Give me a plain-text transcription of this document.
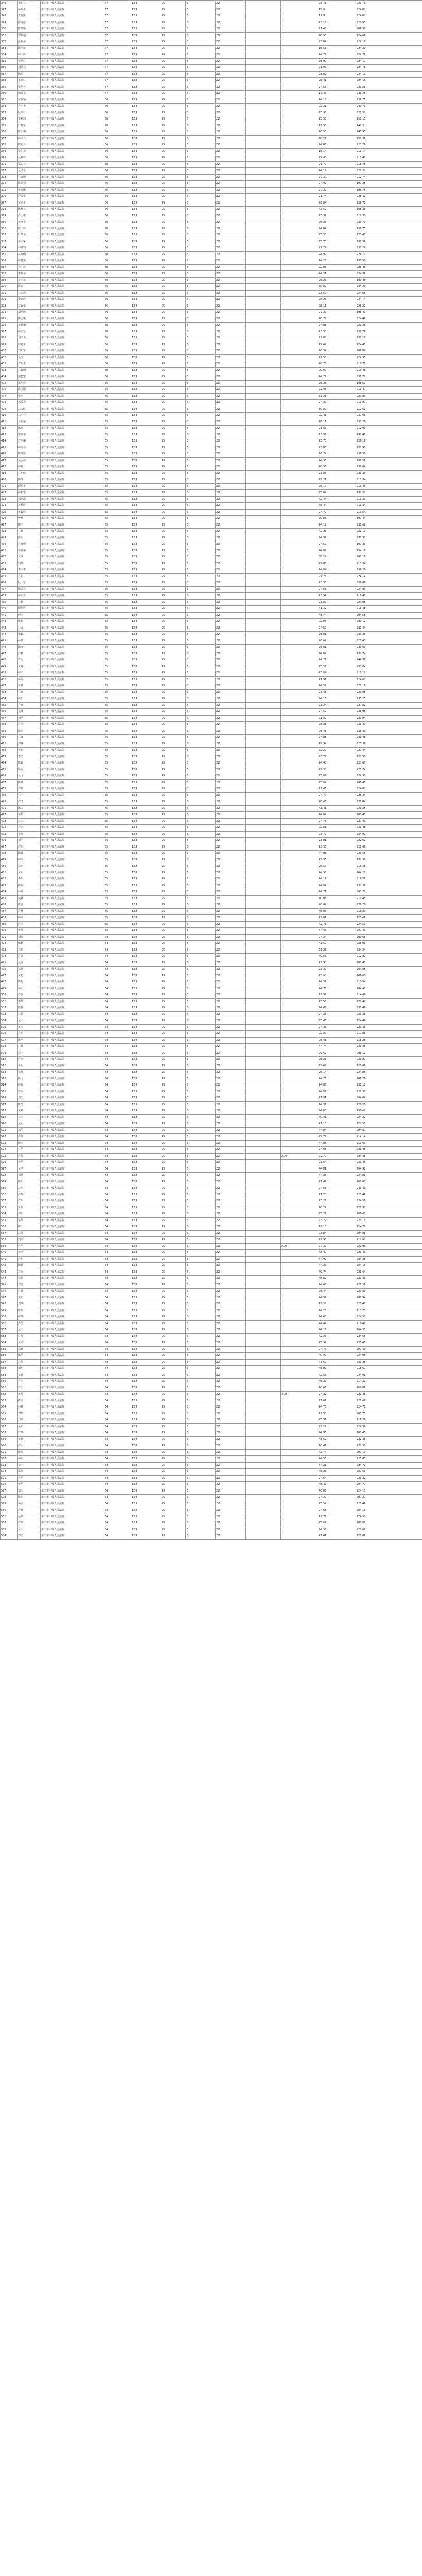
346	李拓兀	莆田市中级人民法院	67	123	25	5	22			28.71	223.71
347	杨东生	莆田市中级人民法院	67	123	25	5	22			19.9	224.82
348	王俊凯	莆田市中级人民法院	67	123	25	5	22			19.9	224.82
349	陈诗彦	莆田市中级人民法院	67	123	25	5	22			23.12	220.95
350	陈凯顺	莆田市中级人民法院	67	123	25	5	22			21.45	206.38
351	郑伟超	莆田市中级人民法院	67	123	25	5	22			20.98	224.66
352	范振东	莆田市中级人民法院	67	123	25	5	22			23.69	224.16
353	陈治运	莆田市中级人民法院	67	123	25	5	22			16.53	224.20
354	林宇辉	莆田市中级人民法院	67	123	25	5	22			24.77	224.77
355	吴昌仁	莆田市中级人民法院	67	123	25	5	22			25.99	224.17
356	刘乘元	莆田市中级人民法院	67	123	25	5	22			21.96	224.78
357	陈军	莆田市中级人民法院	67	123	25	5	22			28.82	224.13
358	王元仁	莆田市中级人民法院	67	123	25	5	22			28.41	224.16
359	黄华芳	莆田市中级人民法院	67	123	25	5	22			24.53	230.88
360	杨诗友	莆田市中级人民法院	67	123	25	5	22			17.46	231.25
361	黄世颖	莆田市中级人民法院	66	123	25	5	22			24.18	236.75
362	卢小飞	莆田市中级人民法院	66	123	25	5	22			22.21	249.71
363	阮斯行	莆田市中级人民法院	66	123	25	5	22			25.96	227.32
364	王莉莉	莆田市中级人民法院	66	123	25	5	22			23.55	251.15
365	杜辉军	莆田市中级人民法院	66	123	25	5	22			17.90	247.3
366	陈小梅	莆田市中级人民法院	66	123	25	5	22			28.55	245.95
367	林文兵	莆田市中级人民法院	66	123	25	5	22			20.22	230.36
368	陈宏兵	莆田市中级人民法院	66	123	25	5	22			24.85	223.26
369	吴东宏	莆田市中级人民法院	66	123	25	5	22			18.14	211.14
370	吴柳林	莆田市中级人民法院	66	123	25	5	22			29.45	211.42
371	郑宏元	莆田市中级人民法院	66	123	25	5	22			21.79	218.75
372	吴民章	莆田市中级人民法院	66	123	25	5	22			24.19	222.32
373	林康明	莆田市中级人民法院	66	123	25	5	22			27.30	212.74
374	陈伟强	莆田市中级人民法院	66	123	25	5	22			24.97	197.35
375	王海彬	莆田市中级人民法院	66	123	25	5	22			27.22	196.75
376	卢俊生	莆田市中级人民法院	66	123	25	5	22			21.74	225.42
377	黄兴平	莆田市中级人民法院	66	123	25	5	22			26.84	236.71
378	陈燕兴	莆田市中级人民法院	66	123	25	5	22			43.69	198.36
379	卢小彬	莆田市中级人民法院	66	123	25	5	22			25.32	219.30
380	黄章平	莆田市中级人民法院	66	123	25	5	22			26.25	231.71
381	陈广辉	莆田市中级人民法院	66	123	25	5	22			24.84	198.75
382	叶冬冬	莆田市中级人民法院	66	123	25	5	22			25.30	223.47
383	黄宝荣	莆田市中级人民法院	66	123	25	5	22			25.73	197.36
384	林晓莉	莆田市中级人民法院	66	123	25	5	22			22.79	231.24
385	林晓明	莆田市中级人民法院	66	123	25	5	22			24.99	224.11
386	林建斌	莆田市中级人民法院	66	123	25	5	22			24.28	197.59
387	孙汇进	莆田市中级人民法院	66	123	25	5	22			22.83	225.45
388	李炜东	莆田市中级人民法院	66	123	25	5	22			24.31	224.96
389	吴立东	莆田市中级人民法院	66	123	25	5	22			26.25	199.48
390	陈忠	莆田市中级人民法院	66	123	25	5	22			30.89	224.29
391	林志强	莆田市中级人民法院	66	123	25	5	22			23.69	224.68
392	李家辉	莆田市中级人民法院	66	123	25	5	22			26.26	224.14
393	林家豪	莆田市中级人民法院	66	123	25	5	22			28.11	236.22
394	刘昌隆	莆田市中级人民法院	66	123	25	5	22			27.37	198.41
395	陈志凯	莆田市中级人民法院	66	123	25	5	22			40.72	224.46
396	黄德州	莆田市中级人民法院	66	123	25	5	22			24.88	222.26
397	林宏坚	莆田市中级人民法院	66	123	25	5	22			23.55	231.76
398	刘雨飞	莆田市中级人民法院	66	123	25	5	22			22.08	231.18
399	邱光平	莆田市中级人民法院	66	123	25	5	22			29.49	224.41
400	郑明宝	莆田市中级人民法院	66	123	25	5	22			20.94	206.89
401	吴金	莆田市中级人民法院	66	123	25	5	22			29.55	224.95
402	方明勇	莆田市中级人民法院	66	123	25	5	22			40.70	210.77
403	林智明	莆田市中级人民法院	66	123	25	5	22			29.07	210.48
404	施艺宏	莆田市中级人民法院	66	123	25	5	22			24.79	231.72
405	郑明辉	莆田市中级人民法院	65	123	25	5	22			25.38	198.62
406	陈国顺	莆田市中级人民法院	65	123	25	5	22			22.08	211.47
407	黄杰	莆田市中级人民法院	65	123	25	5	22			31.28	223.89
408	郭俊杰	莆田市中级人民法院	65	123	25	5	22			24.37	211.87
409	林天任	莆田市中级人民法院	65	123	25	5	22			30.82	212.61
410	林小兵	莆田市中级人民法院	65	123	25	5	22			22.48	237.68
411	丘福斌	莆田市中级人民法院	65	123	25	5	22			26.11	231.26
412	陈伟	莆田市中级人民法院	65	123	25	5	22			21.65	212.00
413	张锦华	莆田市中级人民法院	65	123	25	5	22			23.92	197.41
414	许丽丽	莆田市中级人民法院	65	123	25	5	22			23.73	226.16
415	林尚伟	莆田市中级人民法院	65	123	25	5	22			23.83	222.91
416	陈晖毅	莆田市中级人民法院	65	123	25	5	22			26.74	236.37
417	吴立伟	莆田市中级人民法院	65	123	25	5	22			24.98	199.56
418	林锐	莆田市中级人民法院	65	123	25	5	22			40.56	231.64
419	林明健	莆田市中级人民法院	65	123	25	5	22			23.85	231.39
420	陈凤	莆田市中级人民法院	65	123	25	5	22			27.21	213.34
421	阮伟平	莆田市中级人民法院	65	123	25	5	22			26.10	213.46
422	林振宏	莆田市中级人民法院	65	123	25	5	22			25.84	197.27
423	刘水清	莆田市中级人民法院	65	123	25	5	22			42.44	211.33
424	苏利民	莆田市中级人民法院	65	123	25	5	22			45.44	211.34
425	黄毅伟	莆田市中级人民法院	65	123	25	5	22			24.79	213.54
426	曾燕	莆田市中级人民法院	65	123	25	5	22			29.85	197.44
427	陈平	莆田市中级人民法院	65	123	25	5	22			24.19	231.62
428	林辉	莆田市中级人民法院	65	123	25	5	22			42.26	222.13
429	陈军	莆田市中级人民法院	65	123	25	5	22			24.39	231.91
430	许德明	莆田市中级人民法院	65	123	25	5	22			24.59	197.39
431	黄丽华	莆田市中级人民法院	65	123	25	5	22			24.84	234.16
432	黄萍	莆田市中级人民法院	65	123	25	5	22			38.29	201.18
433	刘华	莆田市中级人民法院	65	123	25	5	22			42.85	213.54
434	李永泰	莆田市中级人民法院	65	123	25	5	22			24.84	236.26
435	方东	莆田市中级人民法院	65	123	25	5	22			21.26	224.14
436	阮一宁	莆田市中级人民法院	65	123	25	5	22			43.33	236.86
437	陈荣兴	莆田市中级人民法院	65	123	25	5	22			24.08	224.81
438	林宏兴	莆田市中级人民法院	65	123	25	5	22			23.94	219.41
439	林静	莆田市中级人民法院	65	123	25	5	22			21.89	223.95
440	阮明辉	莆田市中级人民法院	65	123	25	5	22			41.32	216.38
441	傅丽	莆田市中级人民法院	65	123	25	5	22			45.74	204.58
442	姚新	莆田市中级人民法院	65	123	25	5	22			22.06	209.12
443	林兴	莆田市中级人民法院	65	123	25	5	22			24.59	231.44
444	张毅	莆田市中级人民法院	65	123	25	5	22			25.81	233.39
445	杨晓	莆田市中级人民法院	65	123	25	5	22			28.64	227.43
446	陈文	莆田市中级人民法院	65	123	25	5	22			26.61	230.60
447	卢鹏	莆田市中级人民法院	65	123	25	5	22			24.84	232.74
448	许元	莆田市中级人民法院	65	123	25	5	22			24.77	244.97
449	黄芬	莆田市中级人民法院	65	123	25	5	22			25.57	232.84
450	林平	莆田市中级人民法院	65	123	25	5	22			23.84	217.12
451	林涛	莆田市中级人民法院	65	123	25	5	22			41.91	224.63
452	黄炜	莆田市中级人民法院	65	123	25	5	22			44.52	221.16
453	林秀	莆田市中级人民法院	65	123	25	5	22			23.48	229.85
454	林如	莆田市中级人民法院	65	123	25	5	22			24.15	235.25
455	卢晓	莆田市中级人民法院	65	123	25	5	22			23.24	227.82
456	吴琳	莆田市中级人民法院	65	123	25	5	22			24.59	228.95
457	刘浩	莆田市中级人民法院	65	123	25	5	22			21.89	231.84
458	许杰	莆田市中级人民法院	65	123	25	5	22			25.38	233.41
459	陈龙	莆田市中级人民法院	65	123	25	5	22			25.43	236.41
460	林锋	莆田市中级人民法院	65	123	25	5	22			24.88	231.48
461	郑燕	莆田市中级人民法院	65	123	25	5	22			42.94	225.38
462	黄彬	莆田市中级人民法院	65	123	25	5	22			22.27	227.44
463	李勇	莆田市中级人民法院	65	123	25	5	22			23.72	222.57
464	陈颖	莆田市中级人民法院	65	123	25	5	22			24.48	223.67
465	林立	莆田市中级人民法院	65	123	25	5	22			42.58	221.74
466	吴飞	莆田市中级人民法院	65	123	25	5	22			25.07	224.35
467	陈斌	莆田市中级人民法院	65	123	25	5	22			23.84	208.45
468	郑伟	莆田市中级人民法院	65	123	25	5	22			22.46	224.82
469	林一	莆田市中级人民法院	65	123	25	5	22			24.77	225.34
470	许清	莆田市中级人民法院	65	123	25	5	22			40.46	231.84
471	陈力	莆田市中级人民法院	65	123	25	5	22			41.41	221.35
472	黄松	莆田市中级人民法院	65	123	25	5	22			44.84	207.41
473	林安	莆田市中级人民法院	65	123	25	5	22			24.75	227.43
474	卢志	莆田市中级人民法院	65	123	25	5	22			22.81	231.48
475	吴红	莆田市中级人民法院	65	123	25	5	22			23.72	224.97
476	刘平	莆田市中级人民法院	65	123	25	5	22			23.81	222.62
477	许东	莆田市中级人民法院	65	123	25	5	22			23.35	221.66
478	陈晨	莆田市中级人民法院	65	123	25	5	22			44.91	230.55
479	林霞	莆田市中级人民法院	65	123	25	5	22			42.35	232.38
480	郑杰	莆田市中级人民法院	65	123	25	5	22			26.57	216.38
481	黄军	莆田市中级人民法院	65	123	25	5	22			24.98	204.22
482	李明	莆田市中级人民法院	65	123	25	5	22			24.17	218.76
483	陈刚	莆田市中级人民法院	65	123	25	5	22			24.84	232.36
484	林红	莆田市中级人民法院	65	123	25	5	22			24.71	207.72
485	吴斌	莆田市中级人民法院	65	123	25	5	22			40.86	219.45
486	陈强	莆田市中级人民法院	65	123	25	5	22			28.04	229.28
487	许燕	莆田市中级人民法院	65	123	25	5	22			45.93	218.80
488	林海	莆田市中级人民法院	65	123	25	5	22			42.01	221.66
489	卢丽	莆田市中级人民法院	65	123	25	5	22			42.71	224.51
490	黄勇	莆田市中级人民法院	65	123	25	5	22			44.46	207.41
491	刘伟	莆田市中级人民法院	64	123	25	5	22			24.34	200.68
492	陈鹏	莆田市中级人民法院	64	123	25	5	22			41.59	225.91
493	林娟	莆田市中级人民法院	64	123	25	5	22			21.26	224.24
494	许强	莆田市中级人民法院	64	123	25	5	22			40.53	212.82
495	吴芳	莆田市中级人民法院	64	123	25	5	22			42.98	207.41
496	郑斌	莆田市中级人民法院	64	123	25	5	22			23.37	204.85
497	黄超	莆田市中级人民法院	64	123	25	5	22			43.65	206.60
498	陈梅	莆田市中级人民法院	64	123	25	5	22			24.52	210.54
499	林杰	莆田市中级人民法院	64	123	25	5	22			44.78	204.41
500	卢强	莆田市中级人民法院	64	123	25	5	22			22.59	214.66
501	李华	莆田市中级人民法院	64	123	25	5	22			23.55	222.49
502	陈静	莆田市中级人民法院	64	123	25	5	22			24.66	230.46
503	林伟	莆田市中级人民法院	64	123	25	5	22			24.36	231.36
504	吴杰	莆田市中级人民法院	64	123	25	5	22			25.46	224.40
505	黄丽	莆田市中级人民法院	64	123	25	5	22			24.31	220.26
506	许军	莆田市中级人民法院	64	123	25	5	22			22.87	217.86
507	陈华	莆田市中级人民法院	64	123	25	5	22			25.41	218.25
508	林斌	莆田市中级人民法院	64	123	25	5	22			44.74	221.35
509	郑丽	莆田市中级人民法院	64	123	25	5	22			29.69	208.12
510	卢杰	莆田市中级人民法院	64	123	25	5	22			25.28	221.87
511	黄明	莆田市中级人民法院	64	123	25	5	22			27.62	221.86
512	吴勇	莆田市中级人民法院	64	123	25	5	22			26.14	224.85
513	陈飞	莆田市中级人民法院	64	123	25	5	22			24.76	208.26
514	林强	莆田市中级人民法院	64	123	25	5	22			24.85	231.11
515	许丽	莆田市中级人民法院	64	123	25	5	22			24.97	221.37
516	刘杰	莆田市中级人民法院	64	123	25	5	22			21.91	204.84
517	陈勇	莆田市中级人民法院	64	123	25	5	22			24.37	220.20
518	黄斌	莆田市中级人民法院	64	123	25	5	22			24.88	198.62
519	林丽	莆田市中级人民法院	64	123	25	5	22			40.41	224.22
520	吴明	莆田市中级人民法院	64	123	25	5	22			41.13	222.37
521	郑华	莆田市中级人民法院	64	123	25	5	22			44.84	204.67
522	卢伟	莆田市中级人民法院	64	123	25	5	22			27.72	214.14
523	陈丽	莆田市中级人民法院	64	123	25	5	22			44.86	219.63
524	林华	莆田市中级人民法院	64	123	25	5	22			24.05	231.45
525	许伟	莆田市中级人民法院	64	123	25	5	22		2.00	22.77	224.36
526	黄华	莆田市中级人民法院	64	123	25	5	22			23.54	221.46
527	吴丽	莆田市中级人民法院	64	123	25	5	22			44.81	204.91
528	刘斌	莆田市中级人民法院	64	123	25	5	22			44.38	224.81
529	陈明	莆田市中级人民法院	64	123	25	5	22			21.47	207.61
530	林明	莆田市中级人民法院	64	123	25	5	22			24.58	243.41
531	卢华	莆田市中级人民法院	64	123	25	5	22			41.73	221.46
532	许明	莆田市中级人民法院	64	123	25	5	22			43.27	224.56
533	黄伟	莆田市中级人民法院	64	123	25	5	22			40.29	221.31
534	郑明	莆田市中级人民法院	64	123	25	5	22			25.27	208.61
535	吴华	莆田市中级人民法院	64	123	25	5	22			23.79	221.15
536	陈杰	莆田市中级人民法院	64	123	25	5	22			22.18	224.78
537	林勇	莆田市中级人民法院	64	123	25	5	22			23.84	204.86
538	刘丽	莆田市中级人民法院	64	123	25	5	22			29.96	212.62
539	许华	莆田市中级人民法院	64	123	25	5	22		2.00	27.32	221.96
540	黄杰	莆田市中级人民法院	64	123	25	5	22			45.40	221.43
541	卢明	莆田市中级人民法院	64	123	25	5	22			44.97	224.35
542	陈斌	莆田市中级人民法院	64	123	25	5	22			44.25	204.16
543	林杰	莆田市中级人民法院	64	123	25	5	22			40.74	221.64
544	吴伟	莆田市中级人民法院	64	123	25	5	22			45.82	222.49
545	郑勇	莆田市中级人民法院	64	123	25	5	22			24.66	221.56
546	许斌	莆田市中级人民法院	64	123	25	5	22			25.44	220.80
547	黄明	莆田市中级人民法院	64	123	25	5	22			44.99	207.94
548	刘华	莆田市中级人民法院	64	123	25	5	22			42.52	221.47
549	陈伟	莆田市中级人民法院	64	123	25	5	22			24.20	213.77
550	林华	莆田市中级人民法院	64	123	25	5	22			24.68	224.57
551	卢勇	莆田市中级人民法院	64	123	25	5	22			44.49	210.42
552	吴杰	莆田市中级人民法院	64	123	25	5	22			24.16	204.37
553	许勇	莆田市中级人民法院	64	123	25	5	22			42.23	224.65
554	黄丽	莆田市中级人民法院	64	123	25	5	22			45.34	221.65
555	郑斌	莆田市中级人民法院	64	123	25	5	22			24.76	207.40
556	陈华	莆田市中级人民法院	64	123	25	5	22			40.99	224.96
557	林伟	莆田市中级人民法院	64	123	25	5	22			41.60	221.25
558	刘明	莆田市中级人民法院	64	123	25	5	22			45.89	218.67
559	吴斌	莆田市中级人民法院	64	123	25	5	22			42.66	224.91
560	卢丽	莆田市中级人民法院	64	123	25	5	22			45.22	214.32
561	许杰	莆田市中级人民法院	64	123	25	5	22			40.66	207.86
562	黄勇	莆田市中级人民法院	64	123	25	5	22		2.00	24.32	221.38
563	陈丽	莆田市中级人民法院	64	123	25	5	22			27.61	221.66
564	林斌	莆田市中级人民法院	64	123	25	5	22			24.75	224.71
565	郑华	莆田市中级人民法院	64	123	25	5	22			42.50	207.21
566	刘伟	莆田市中级人民法院	64	123	25	5	22			45.91	218.39
567	吴明	莆田市中级人民法院	64	123	25	5	22			22.24	224.56
568	许华	莆田市中级人民法院	64	123	25	5	22			24.95	207.45
569	黄斌	莆田市中级人民法院	64	123	25	5	22			45.62	221.36
570	卢杰	莆田市中级人民法院	64	123	25	5	22			40.47	222.51
571	陈勇	莆田市中级人民法院	64	123	25	5	22			42.74	207.19
572	林明	莆田市中级人民法院	64	123	25	5	22			24.56	221.85
573	吴丽	莆田市中级人民法院	64	123	25	5	22			44.21	224.72
574	郑伟	莆田市中级人民法院	64	123	25	5	22			45.35	207.63
575	许明	莆田市中级人民法院	64	123	25	5	22			24.64	221.32
576	黄华	莆田市中级人民法院	64	123	25	5	22			45.42	204.77
577	刘杰	莆田市中级人民法院	64	123	25	5	22			40.86	224.15
578	陈明	莆田市中级人民法院	64	123	25	5	22			24.20	207.27
579	林丽	莆田市中级人民法院	64	123	25	5	22			45.54	221.46
580	卢斌	莆田市中级人民法院	64	123	25	5	22			24.68	204.16
581	吴华	莆田市中级人民法院	64	123	25	5	22			42.77	224.30
582	许伟	莆田市中级人民法院	64	123	25	5	22			45.67	207.81
583	黄杰	莆田市中级人民法院	64	123	25	5	22			24.36	221.67
584	郑勇	莆田市中级人民法院	64	123	25	5	22			41.61	221.08
